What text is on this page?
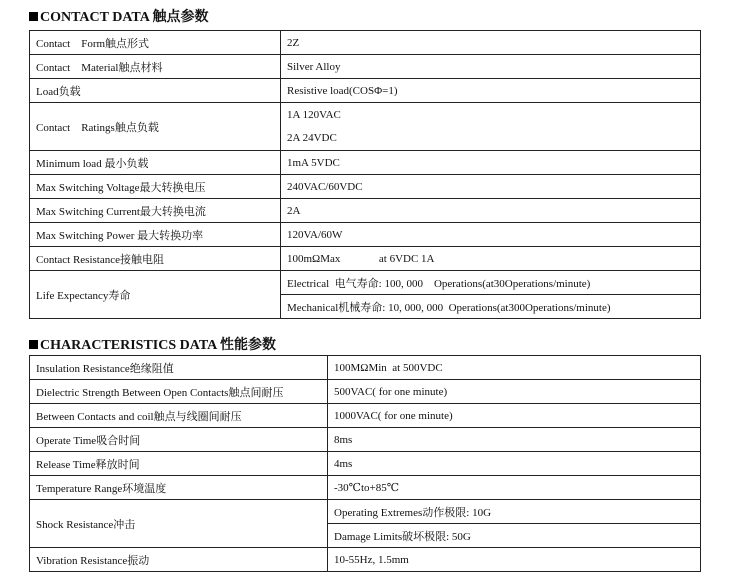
CONTACT DATA 触点参数
Contact　Form触点形式	2Z
Contact　Material触点材料	Silver Alloy
Load负载	Resistive load(COSΦ=1)
Contact　Ratings触点负载	1A 120VAC
	2A 24VDC
Minimum load 最小负载	1mA 5VDC
Max Switching Voltage最大转换电压	240VAC/60VDC
Max Switching Current最大转换电流	2A
Max Switching Power 最大转换功率	120VA/60W
Contact Resistance接触电阻	100mΩMax              at 6VDC 1A
Life Expectancy寿命	Electrical  电气寿命: 100, 000    Operations(at30Operations/minute)
	Mechanical机械寿命: 10, 000, 000  Operations(at300Operations/minute)
CHARACTERISTICS DATA 性能参数
Insulation Resistance绝缘阻值	100MΩMin  at 500VDC
Dielectric Strength Between Open Contacts触点间耐压	500VAC( for one minute)
Between Contacts and coil触点与线圈间耐压	1000VAC( for one minute)
Operate Time吸合时间	8ms
Release Time释放时间	4ms
Temperature Range环境温度	-30℃to+85℃
Shock Resistance冲击	Operating Extremes动作极限: 10G
	Damage Limits破坏极限: 50G
Vibration Resistance振动	10-55Hz, 1.5mm
